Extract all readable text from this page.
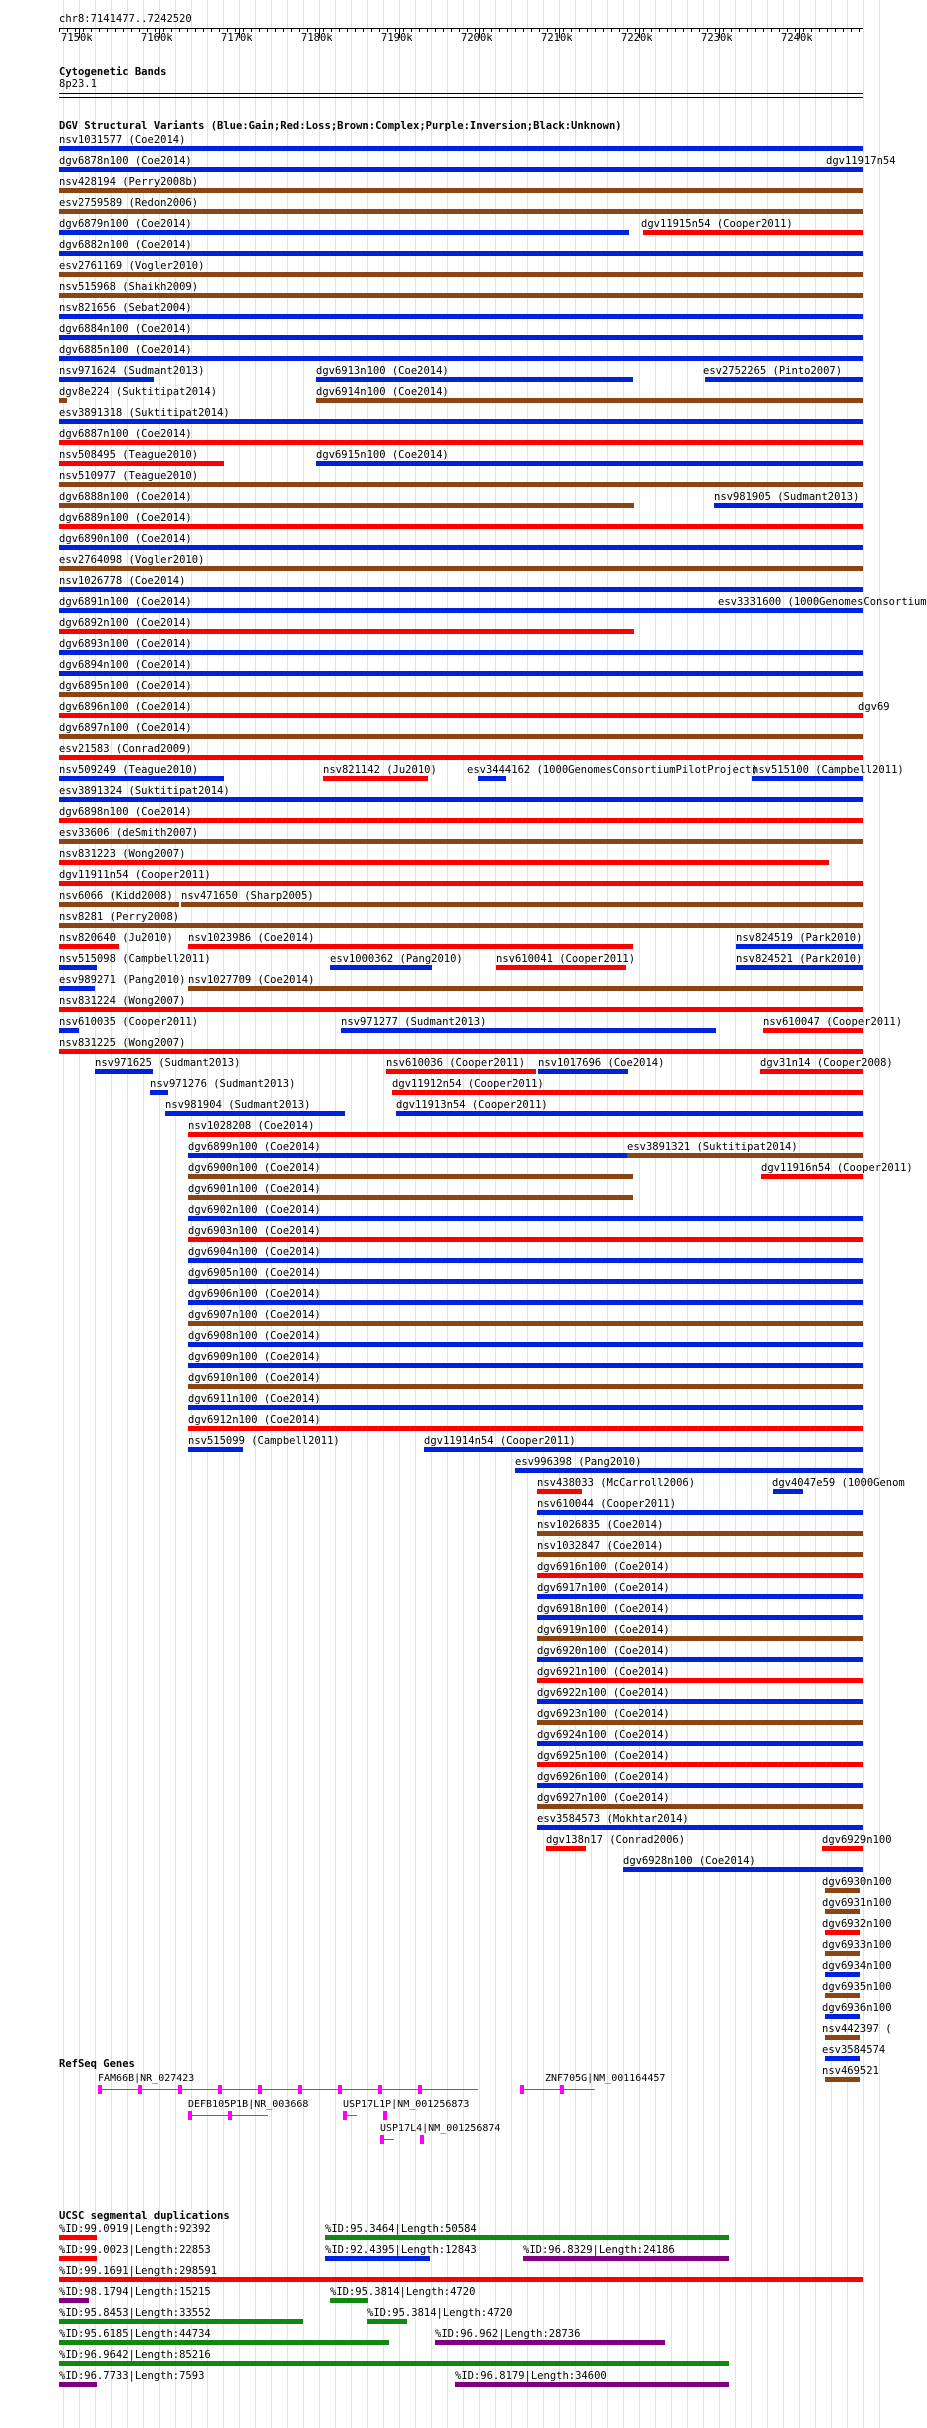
chr8:7141477..7242520
Cytogenetic Bands
8p23.1
DGV Structural Variants (Blue:Gain;Red:Loss;Brown:Complex;Purple:Inversion;Black:Unknown)
nsv1031577 (Coe2014)
dgv6878n100 (Coe2014)
nsv428194 (Perry2008b)
esv2759589 (Redon2006)
dgv6879n100 (Coe2014)
dgv6882n100 (Coe2014)
esv2761169 (Vogler2010)
nsv515968 (Shaikh2009)
nsv821656 (Sebat2004)
dgv6884n100 (Coe2014)
dgv6885n100 (Coe2014)
nsv971624 (Sudmant2013)
dgv8e224 (Suktitipat2014)
esv3891318 (Suktitipat2014)
dgv6887n100 (Coe2014)
nsv508495 (Teague2010)
nsv510977 (Teague2010)
dgv6888n100 (Coe2014)
dgv6889n100 (Coe2014)
dgv6890n100 (Coe2014)
esv2764098 (Vogler2010)
nsv1026778 (Coe2014)
dgv6891n100 (Coe2014)
dgv6892n100 (Coe2014)
dgv6893n100 (Coe2014)
dgv6894n100 (Coe2014)
dgv6895n100 (Coe2014)
dgv6896n100 (Coe2014)
dgv6897n100 (Coe2014)
esv21583 (Conrad2009)
nsv509249 (Teague2010)
esv3891324 (Suktitipat2014)
dgv6898n100 (Coe2014)
esv33606 (deSmith2007)
nsv831223 (Wong2007)
dgv11911n54 (Cooper2011)
nsv6066 (Kidd2008)
nsv8281 (Perry2008)
nsv820640 (Ju2010)
nsv515098 (Campbell2011)
esv989271 (Pang2010)
nsv831224 (Wong2007)
nsv610035 (Cooper2011)
nsv831225 (Wong2007)
dgv11917n54
dgv11915n54 (Cooper2011)
dgv6913n100 (Coe2014)	esv2752265 (Pinto2007)
dgv6914n100 (Coe2014)
dgv6915n100 (Coe2014)
nsv981905 (Sudmant2013)
esv3331600 (1000GenomesConsortium
dgv69
nsv821142 (Ju2010)	esv3444162 (1000GenomesConsortiumPilotProject)
nsv515100 (Campbell2011)
nsv471650 (Sharp2005)
nsv1023986 (Coe2014)	nsv824519 (Park2010)
esv1000362 (Pang2010)	nsv610041 (Cooper2011)	nsv824521 (Park2010)
nsv1027709 (Coe2014)
nsv971277 (Sudmant2013)	nsv610047 (Cooper2011)
nsv971625 (Sudmant2013)
nsv971276 (Sudmant2013)
nsv981904 (Sudmant2013)
nsv1028208 (Coe2014)
dgv6899n100 (Coe2014)
dgv6900n100 (Coe2014)
dgv6901n100 (Coe2014)
dgv6902n100 (Coe2014)
dgv6903n100 (Coe2014)
dgv6904n100 (Coe2014)
dgv6905n100 (Coe2014)
dgv6906n100 (Coe2014)
dgv6907n100 (Coe2014)
dgv6908n100 (Coe2014)
dgv6909n100 (Coe2014)
dgv6910n100 (Coe2014)
dgv6911n100 (Coe2014)
dgv6912n100 (Coe2014)
nsv515099 (Campbell2011)
nsv610036 (Cooper2011) nsv1017696 (Coe2014)	dgv31n14 (Cooper2008)
dgv11912n54 (Cooper2011)
dgv11913n54 (Cooper2011)
esv3891321 (Suktitipat2014)
dgv11916n54 (Cooper2011)
dgv11914n54 (Cooper2011)
esv996398 (Pang2010)
nsv438033 (McCarroll2006)
nsv610044 (Cooper2011)
nsv1026835 (Coe2014)
nsv1032847 (Coe2014)
dgv6916n100 (Coe2014)
dgv6917n100 (Coe2014)
dgv6918n100 (Coe2014)
dgv6919n100 (Coe2014)
dgv6920n100 (Coe2014)
dgv6921n100 (Coe2014)
dgv6922n100 (Coe2014)
dgv6923n100 (Coe2014)
dgv6924n100 (Coe2014)
dgv6925n100 (Coe2014)
dgv6926n100 (Coe2014)
dgv6927n100 (Coe2014)
esv3584573 (Mokhtar2014)
dgv138n17 (Conrad2006)
dgv6928n100 (Coe2014)
dgv4047e59 (1000Genom
dgv6929n100
dgv6930n100
dgv6931n100
dgv6932n100
dgv6933n100
dgv6934n100
dgv6935n100
dgv6936n100
nsv442397 (
esv3584574
nsv469521
RefSeq Genes
FAM66B|NR_027423
DEFB105P1B|NR_003668	USP17L1P|NM_001256873
USP17L4|NM_001256874
ZNF705G|NM_001164457
UCSC segmental duplications
%ID:99.0919|Length:92392	%ID:95.3464|Length:50584
%ID:99.0023|Length:22853	%ID:92.4395|Length:12843	%ID:96.8329|Length:24186
%ID:99.1691|Length:298591
%ID:98.1794|Length:15215	%ID:95.3814|Length:4720
%ID:95.8453|Length:33552	%ID:95.3814|Length:4720
%ID:95.6185|Length:44734	%ID:96.962|Length:28736
%ID:96.9642|Length:85216
%ID:96.7733|Length:7593	%ID:96.8179|Length:34600
7150k	7160k	7170k	7180k	7190k	7200k	7210k	7220k	7230k	7240k
